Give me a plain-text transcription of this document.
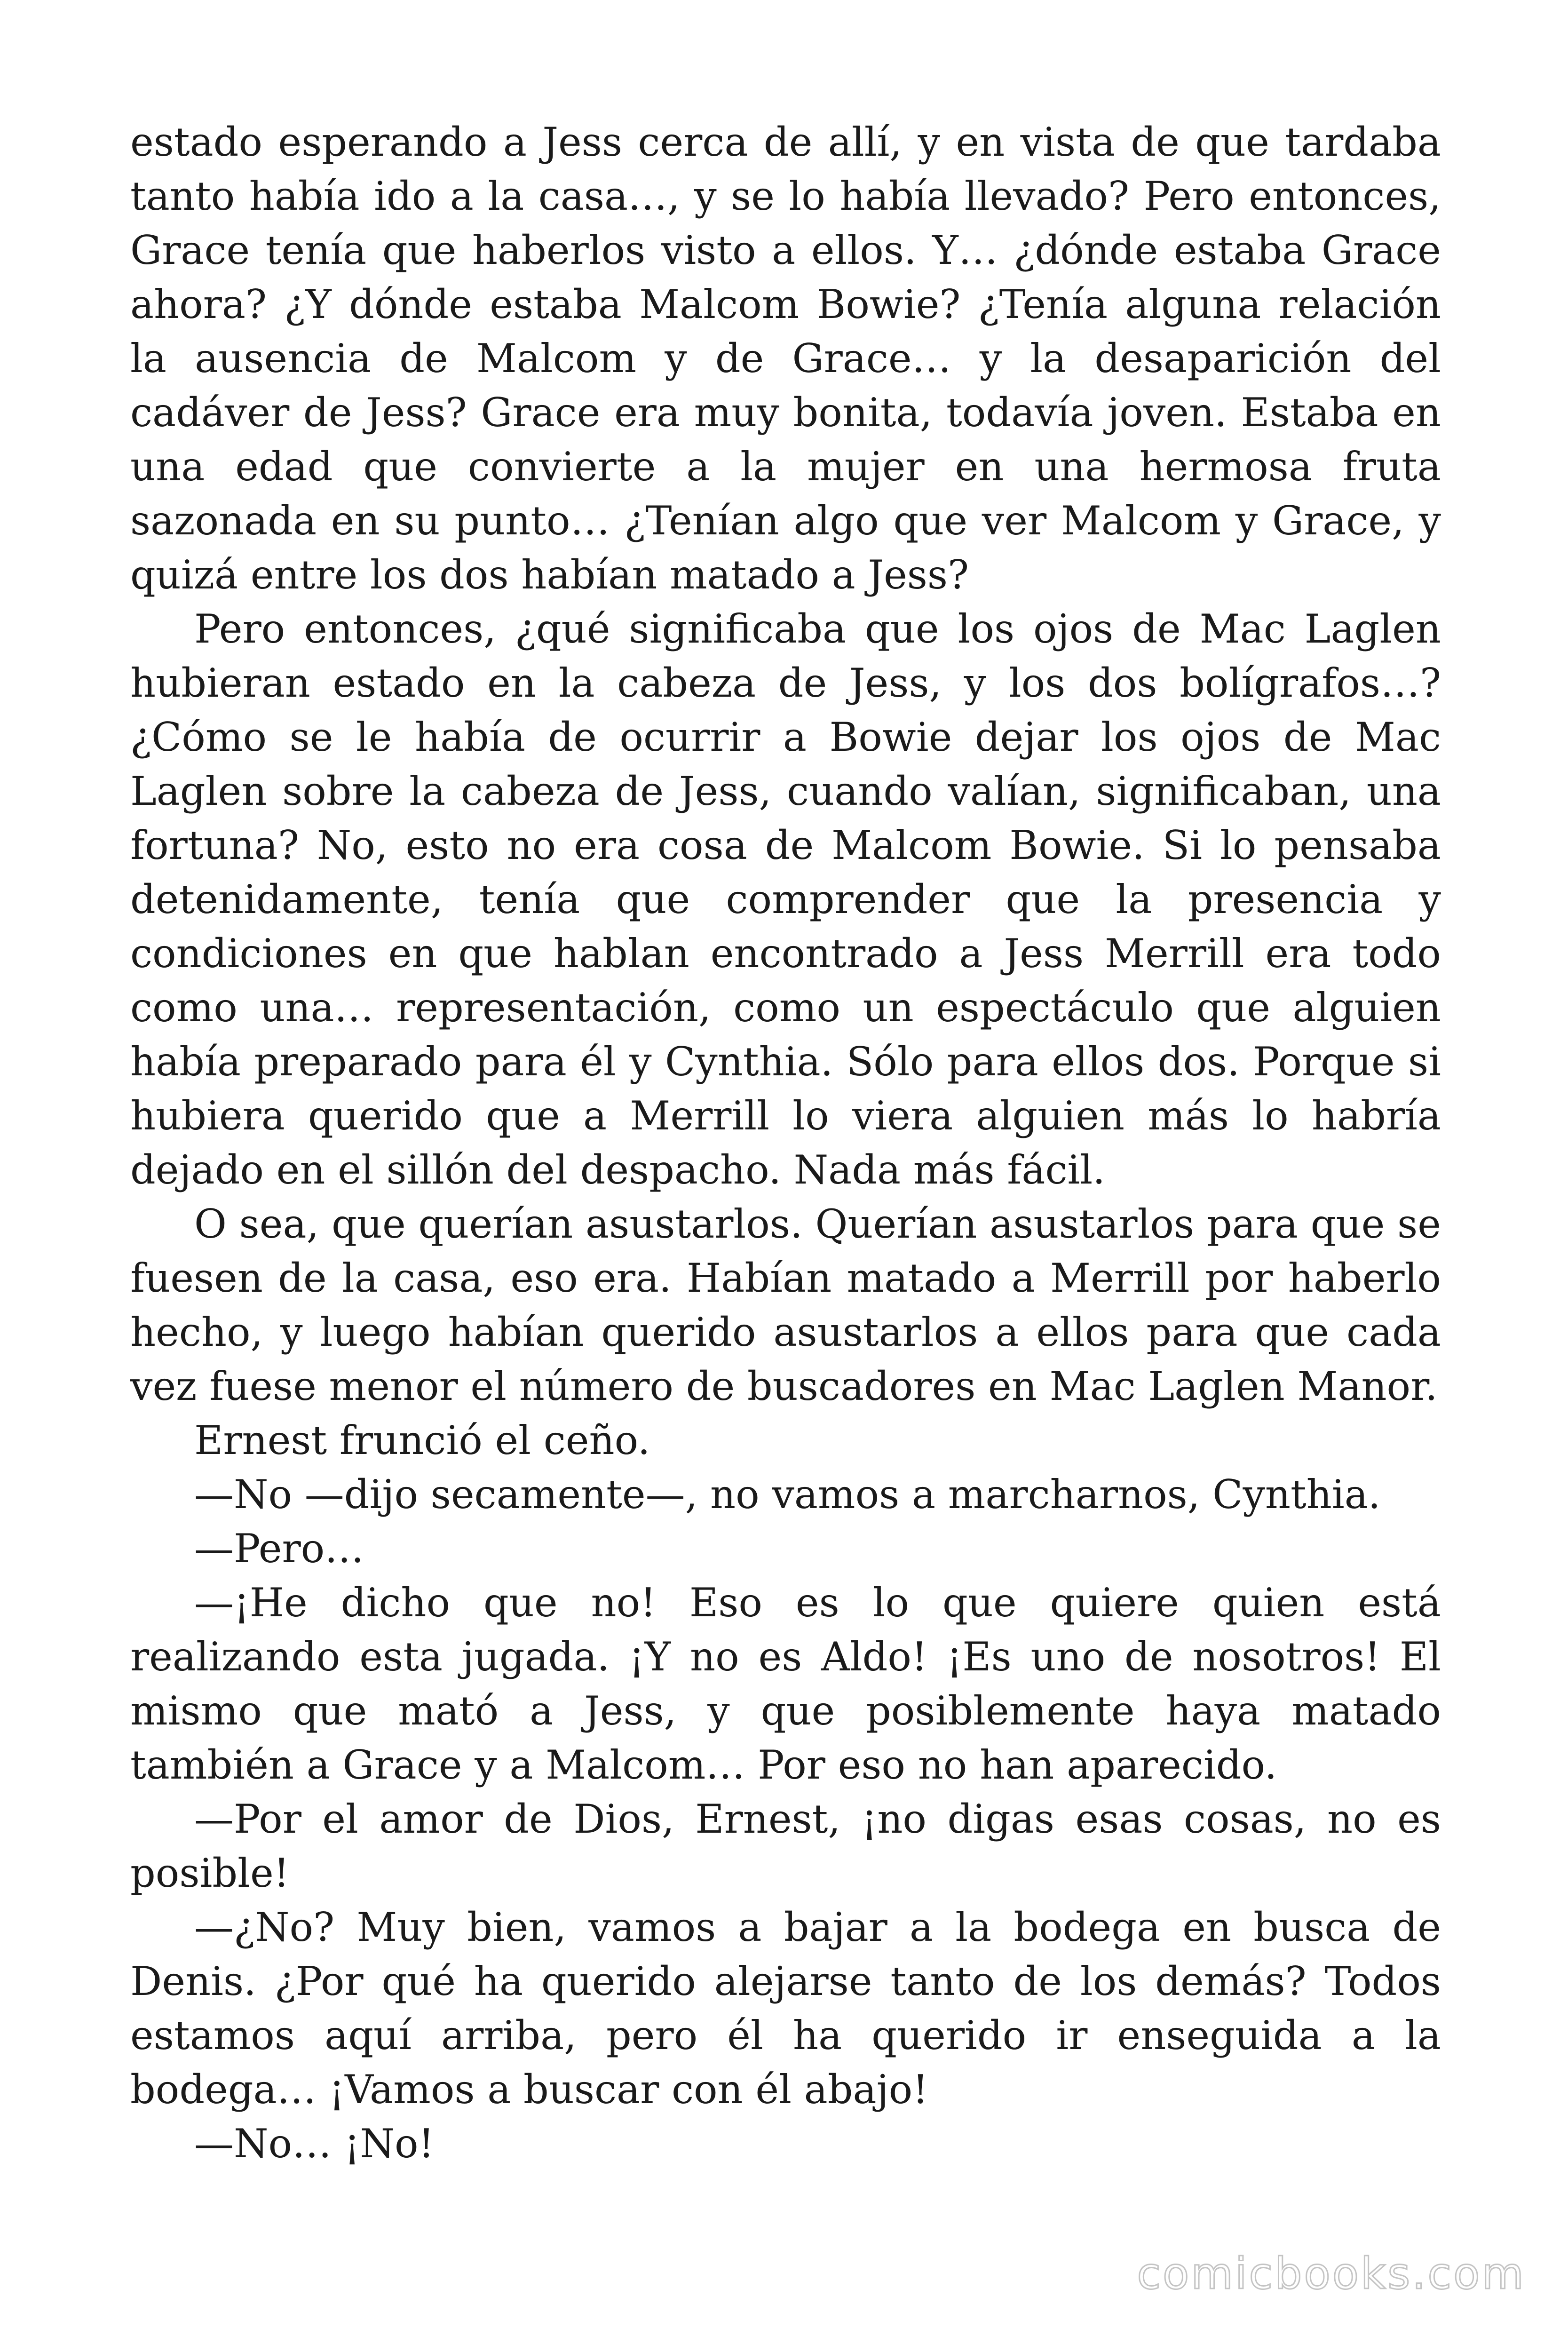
estado esperando a Jess cerca de allí, y en vista de que tardaba tanto había ido a la casa…, y se lo había llevado? Pero entonces, Grace tenía que haberlos visto a ellos. Y… ¿dónde estaba Grace ahora? ¿Y dónde estaba Malcom Bowie? ¿Tenía alguna relación la ausencia de Malcom y de Grace… y la desaparición del cadáver de Jess? Grace era muy bonita, todavía joven. Estaba en una edad que convierte a la mujer en una hermosa fruta sazonada en su punto… ¿Tenían algo que ver Malcom y Grace, y quizá entre los dos habían matado a Jess?

Pero entonces, ¿qué significaba que los ojos de Mac Laglen hubieran estado en la cabeza de Jess, y los dos bolígrafos…? ¿Cómo se le había de ocurrir a Bowie dejar los ojos de Mac Laglen sobre la cabeza de Jess, cuando valían, significaban, una fortuna? No, esto no era cosa de Malcom Bowie. Si lo pensaba detenidamente, tenía que comprender que la presencia y condiciones en que hablan encontrado a Jess Merrill era todo como una… representación, como un espectáculo que alguien había preparado para él y Cynthia. Sólo para ellos dos. Porque si hubiera querido que a Merrill lo viera alguien más lo habría dejado en el sillón del despacho. Nada más fácil.

O sea, que querían asustarlos. Querían asustarlos para que se fuesen de la casa, eso era. Habían matado a Merrill por haberlo hecho, y luego habían querido asustarlos a ellos para que cada vez fuese menor el número de buscadores en Mac Laglen Manor.

Ernest frunció el ceño.

—No —dijo secamente—, no vamos a marcharnos, Cynthia.

—Pero…

—¡He dicho que no! Eso es lo que quiere quien está realizando esta jugada. ¡Y no es Aldo! ¡Es uno de nosotros! El mismo que mató a Jess, y que posiblemente haya matado también a Grace y a Malcom… Por eso no han aparecido.

—Por el amor de Dios, Ernest, ¡no digas esas cosas, no es posible!

—¿No? Muy bien, vamos a bajar a la bodega en busca de Denis. ¿Por qué ha querido alejarse tanto de los demás? Todos estamos aquí arriba, pero él ha querido ir enseguida a la bodega… ¡Vamos a buscar con él abajo!

—No… ¡No!

comicbooks.com
